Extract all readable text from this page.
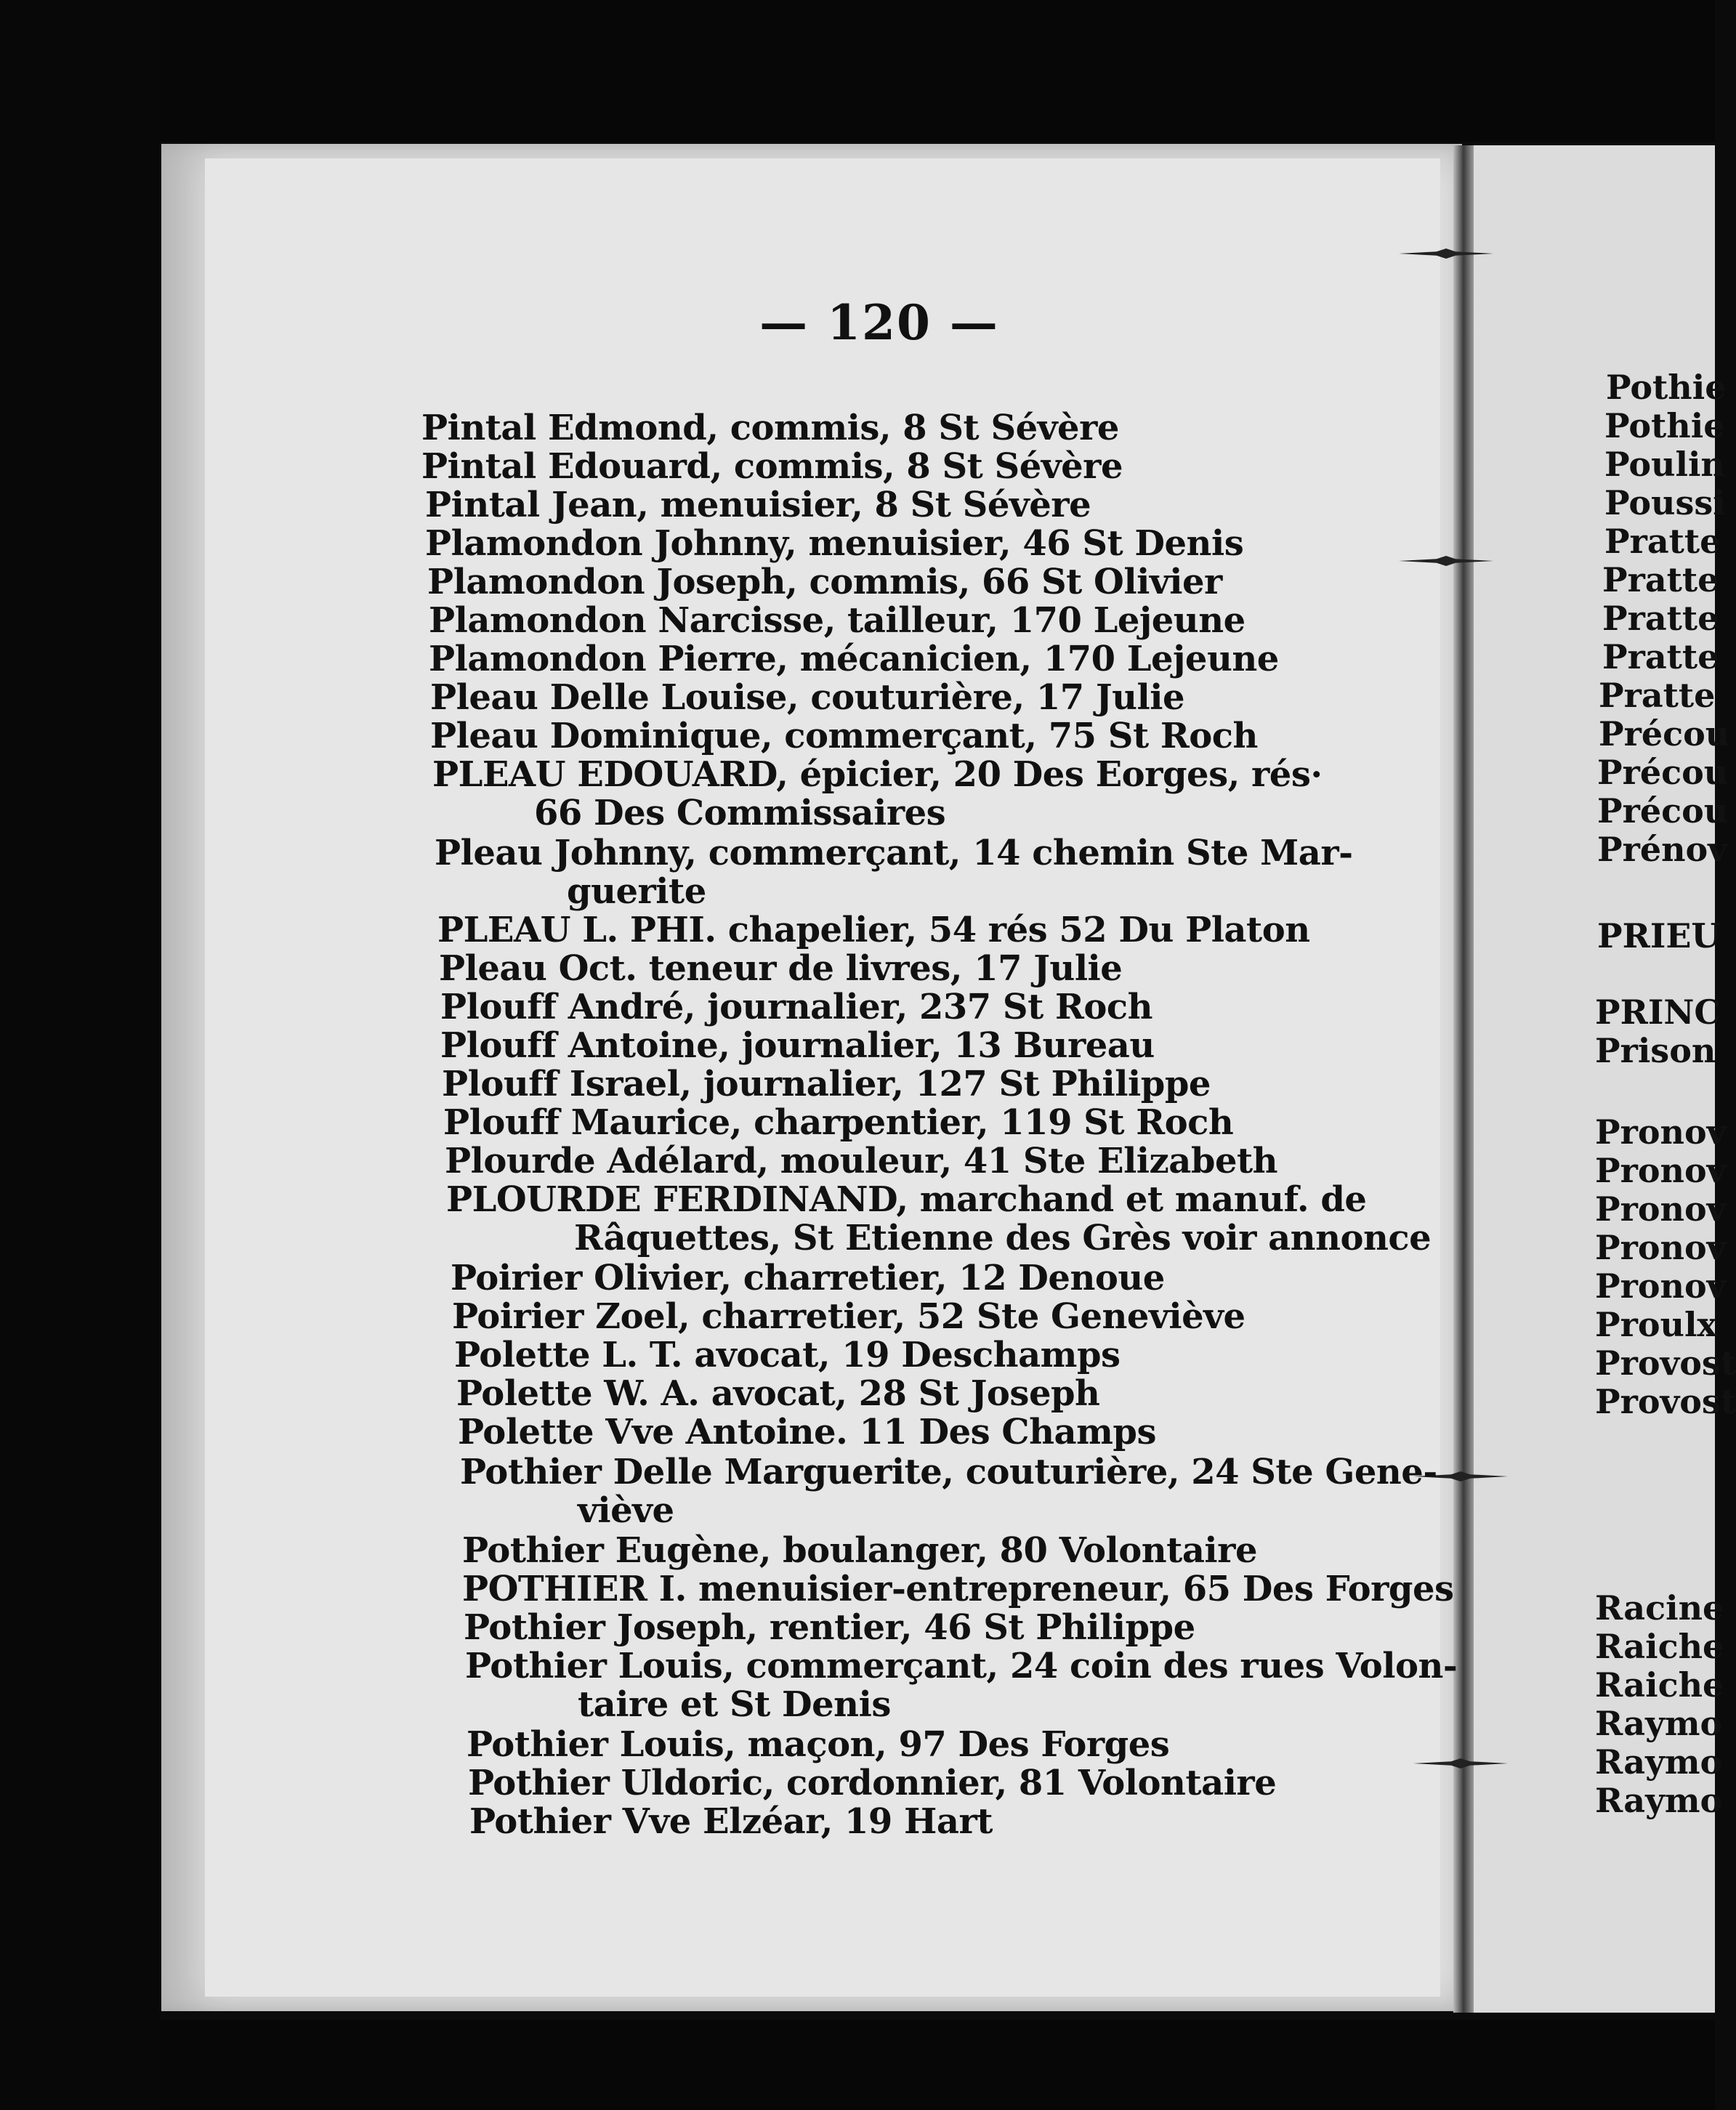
— 120 —
Pintal Edmond, commis, 8 St Sévère
Pintal Edouard, commis, 8 St Sévère
Pintal Jean, menuisier, 8 St Sévère
Plamondon Johnny, menuisier, 46 St Denis
Plamondon Joseph, commis, 66 St Olivier
Plamondon Narcisse, tailleur, 170 Lejeune
Plamondon Pierre, mécanicien, 170 Lejeune
Pleau Delle Louise, couturière, 17 Julie
Pleau Dominique, commerçant, 75 St Roch
PLEAU EDOUARD, épicier, 20 Des Eorges, rés·
66 Des Commissaires
Pleau Johnny, commerçant, 14 chemin Ste Mar-
guerite
PLEAU L. PHI. chapelier, 54 rés 52 Du Platon
Pleau Oct. teneur de livres, 17 Julie
Plouff André, journalier, 237 St Roch
Plouff Antoine, journalier, 13 Bureau
Plouff Israel, journalier, 127 St Philippe
Plouff Maurice, charpentier, 119 St Roch
Plourde Adélard, mouleur, 41 Ste Elizabeth
PLOURDE FERDINAND, marchand et manuf. de
Râquettes, St Etienne des Grès voir annonce
Poirier Olivier, charretier, 12 Denoue
Poirier Zoel, charretier, 52 Ste Geneviève
Polette L. T. avocat, 19 Deschamps
Polette W. A. avocat, 28 St Joseph
Polette Vve Antoine. 11 Des Champs
Pothier Delle Marguerite, couturière, 24 Ste Gene-
viève
Pothier Eugène, boulanger, 80 Volontaire
POTHIER I. menuisier-entrepreneur, 65 Des Forges
Pothier Joseph, rentier, 46 St Philippe
Pothier Louis, commerçant, 24 coin des rues Volon-
taire et St Denis
Pothier Louis, maçon, 97 Des Forges
Pothier Uldoric, cordonnier, 81 Volontaire
Pothier Vve Elzéar, 19 Hart
Pothie
Pothie
Poulin
Poussi
Pratte
Pratte
Pratte
Pratte
Pratte
Précou
Précou
Précou
Prénov
PRIEU
PRINC
Prison
Pronov
Pronov
Pronov
Pronov
Pronov
Proulx
Provost
Provost
Racine
Raiche
Raiche
Raymo
Raymo
Raymo
